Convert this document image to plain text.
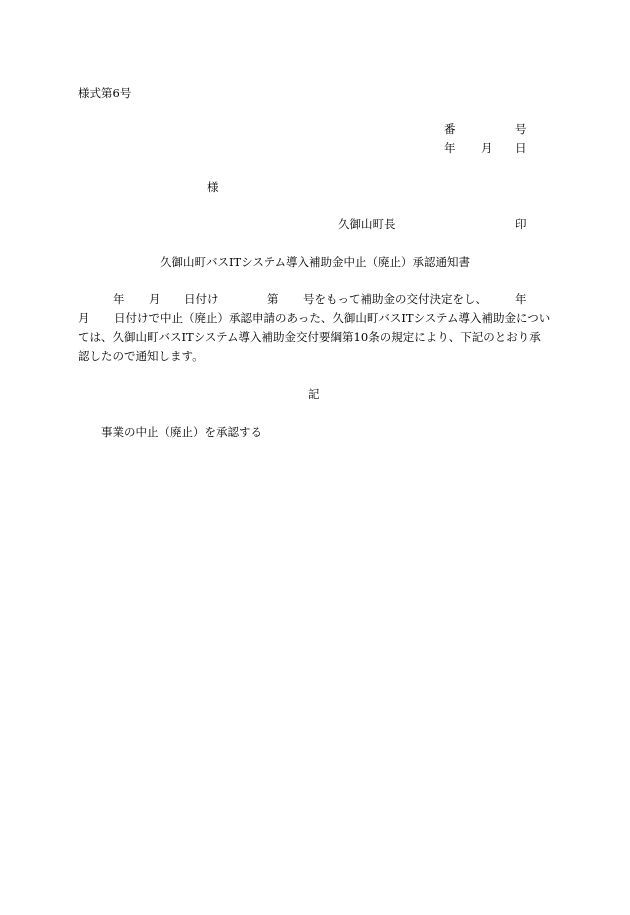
様式第6号
番	号
年 月 日
様
久御山町長	印
久御山町バスITシステム導入補助金中止（廃止）承認通知書
年 月 日付け	第 号をもって補助金の交付決定をし、 年
月 日付けで中止（廃止）承認申請のあった、久御山町バスITシステム導入補助金につい
ては、久御山町バスITシステム導入補助金交付要綱第10条の規定により、下記のとおり承
認したので通知します。
記
事業の中止（廃止）を承認する
